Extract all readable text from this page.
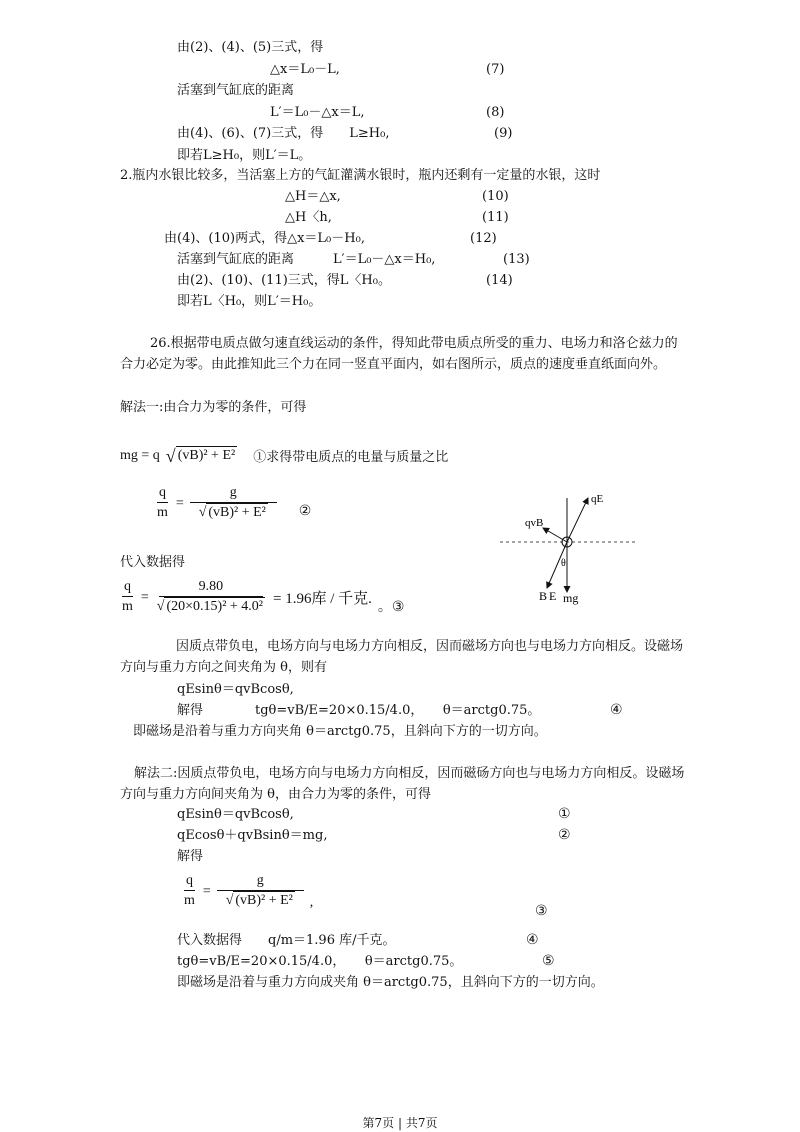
由(2)、(4)、(5)三式，得
△x＝L₀－L,	(7)
活塞到气缸底的距离
L′＝L₀－△x＝L,	(8)
由(4)、(6)、(7)三式，得　　L≥H₀,	(9)
即若L≥H₀，则L′＝L。
2.瓶内水银比较多，当活塞上方的气缸灌满水银时，瓶内还剩有一定量的水银，这时
△H＝△x,	(10)
△H〈h,	(11)
由(4)、(10)两式，得△x＝L₀－H₀,	(12)
活塞到气缸底的距离　　　L′＝L₀－△x＝H₀,	(13)
由(2)、(10)、(11)三式，得L〈H₀。	(14)
即若L〈H₀，则L′＝H₀。
26.根据带电质点做匀速直线运动的条件，得知此带电质点所受的重力、电场力和洛仑兹力的合力必定为零。由此推知此三个力在同一竖直平面内，如右图所示，质点的速度垂直纸面向外。
解法一:由合力为零的条件，可得
mg = q √ (vB)² + E² ①求得带电质点的电量与质量之比
$\frac{q}{m} = \frac{g}{\text{√ (vB)² + E²}}$ ②
代入数据得
$\frac{q}{m} = \frac{9.80}{\text{√ (20×0.15)² + 4.0²}} = 1.96$库 / 千克. 。③
qE
qvB
θ
B E mg
因质点带负电，电场方向与电场力方向相反，因而磁场方向也与电场力方向相反。设磁场方向与重力方向之间夹角为 θ，则有
qEsinθ＝qvBcosθ,
解得　　　　tgθ=vB/E=20×0.15/4.0，　　θ＝arctg0.75。	④
即磁场是沿着与重力方向夹角 θ＝arctg0.75，且斜向下方的一切方向。
解法二:因质点带负电，电场方向与电场力方向相反，因而磁砀方向也与电场力方向相反。设磁场方向与重力方向间夹角为 θ，由合力为零的条件，可得
qEsinθ＝qvBcosθ,	①
qEcosθ＋qvBsinθ＝mg,	②
解得
$\frac{q}{m} = \frac{g}{\text{√ (vB)² + E²}}$ ,
③
代入数据得　　q/m＝1.96 库/千克。	④
tgθ=vB/E=20×0.15/4.0，　　θ＝arctg0.75。	⑤
即磁场是沿着与重力方向成夹角 θ＝arctg0.75，且斜向下方的一切方向。
第7页 | 共7页
